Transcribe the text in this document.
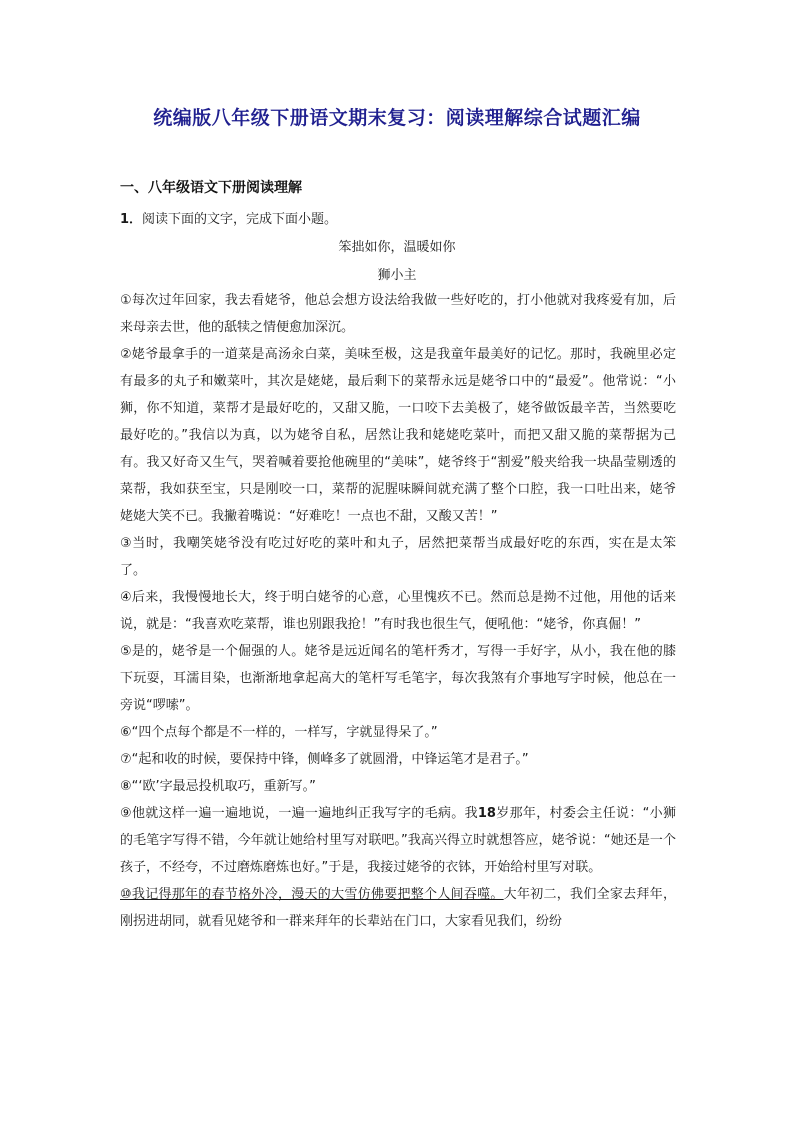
统编版八年级下册语文期末复习：阅读理解综合试题汇编
一、八年级语文下册阅读理解
1．阅读下面的文字，完成下面小题。
笨拙如你，温暖如你
狮小主

①每次过年回家，我去看姥爷，他总会想方设法给我做一些好吃的，打小他就对我疼爱有加，后来母亲去世，他的舐犊之情便愈加深沉。

②姥爷最拿手的一道菜是高汤汆白菜，美味至极，这是我童年最美好的记忆。那时，我碗里必定有最多的丸子和嫩菜叶，其次是姥姥，最后剩下的菜帮永远是姥爷口中的“最爱”。他常说：“小狮，你不知道，菜帮才是最好吃的，又甜又脆，一口咬下去美极了，姥爷做饭最辛苦，当然要吃最好吃的。”我信以为真，以为姥爷自私，居然让我和姥姥吃菜叶，而把又甜又脆的菜帮据为己有。我又好奇又生气，哭着喊着要抢他碗里的“美味”，姥爷终于“割爱”般夹给我一块晶莹剔透的菜帮，我如获至宝，只是刚咬一口，菜帮的泥腥味瞬间就充满了整个口腔，我一口吐出来，姥爷姥姥大笑不已。我撇着嘴说：“好难吃！一点也不甜，又酸又苦！”

③当时，我嘲笑姥爷没有吃过好吃的菜叶和丸子，居然把菜帮当成最好吃的东西，实在是太笨了。

④后来，我慢慢地长大，终于明白姥爷的心意，心里愧疚不已。然而总是拗不过他，用他的话来说，就是：“我喜欢吃菜帮，谁也别跟我抢！”有时我也很生气，便吼他：“姥爷，你真倔！”

⑤是的，姥爷是一个倔强的人。姥爷是远近闻名的笔杆秀才，写得一手好字，从小，我在他的膝下玩耍，耳濡目染，也渐渐地拿起高大的笔杆写毛笔字，每次我煞有介事地写字时候，他总在一旁说“啰嗦”。

⑥“四个点每个都是不一样的，一样写，字就显得呆了。”

⑦“起和收的时候，要保持中锋，侧峰多了就圆滑，中锋运笔才是君子。”

⑧“‘欧’字最忌投机取巧，重新写。”

⑨他就这样一遍一遍地说，一遍一遍地纠正我写字的毛病。我18岁那年，村委会主任说：“小狮的毛笔字写得不错，今年就让她给村里写对联吧。”我高兴得立时就想答应，姥爷说：“她还是一个孩子，不经夸，不过磨炼磨炼也好。”于是，我接过姥爷的衣钵，开始给村里写对联。

⑩我记得那年的春节格外冷，漫天的大雪仿佛要把整个人间吞噬。大年初二，我们全家去拜年，刚拐进胡同，就看见姥爷和一群来拜年的长辈站在门口，大家看见我们，纷纷
